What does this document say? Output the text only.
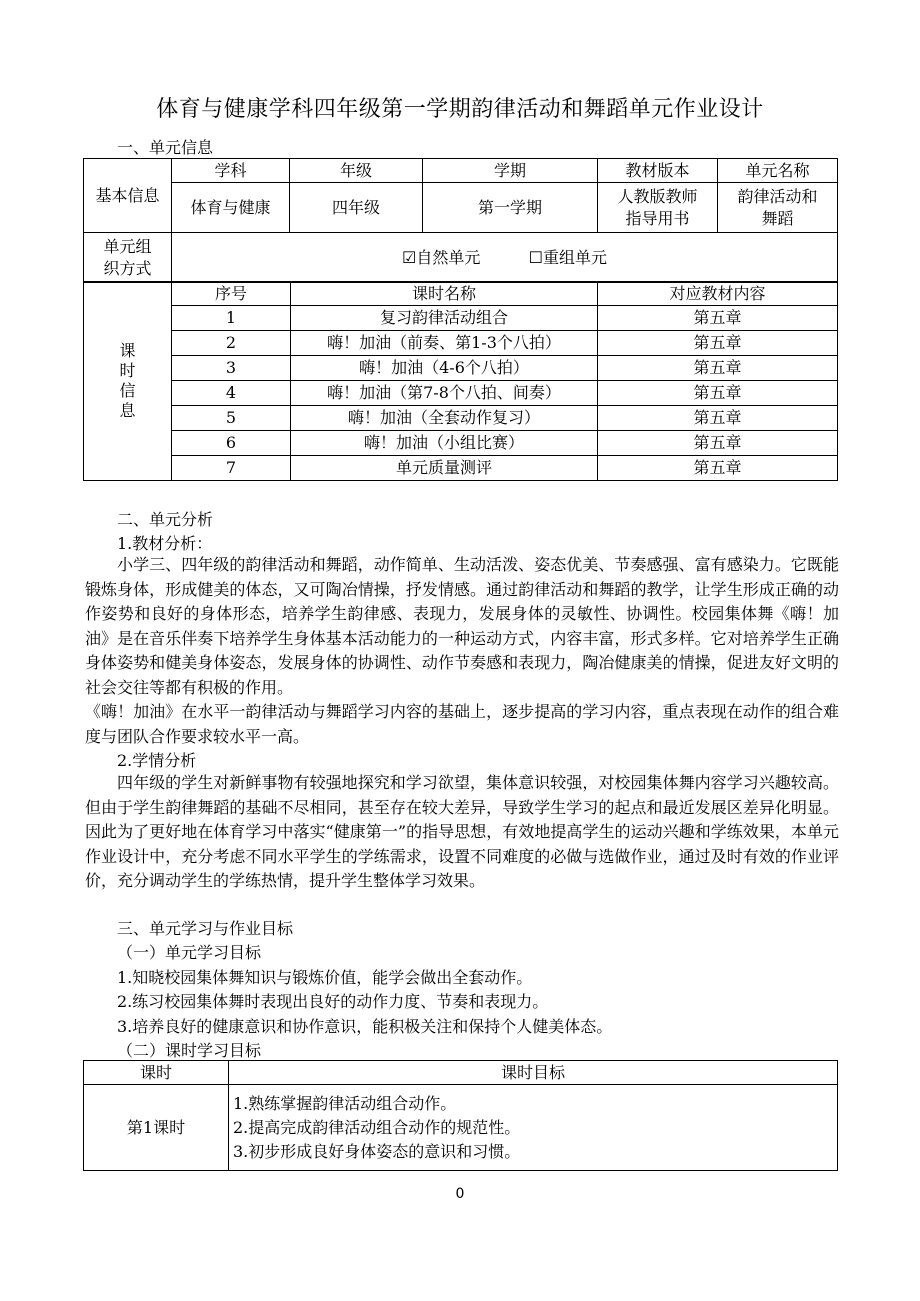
体育与健康学科四年级第一学期韵律活动和舞蹈单元作业设计
一、单元信息
基本信息	学科	年级	学期	教材版本	单元名称
	体育与健康	四年级	第一学期	人教版教师指导用书	韵律活动和舞蹈
单元组织方式	☑自然单元 ☐重组单元				
课时信息	序号	课时名称	对应教材内容
	1	复习韵律活动组合	第五章
	2	嗨！加油（前奏、第1-3个八拍）	第五章
	3	嗨！加油（4-6个八拍）	第五章
	4	嗨！加油（第7-8个八拍、间奏）	第五章
	5	嗨！加油（全套动作复习）	第五章
	6	嗨！加油（小组比赛）	第五章
	7	单元质量测评	第五章
二、单元分析
1.教材分析：

小学三、四年级的韵律活动和舞蹈，动作简单、生动活泼、姿态优美、节奏感强、富有感染力。它既能锻炼身体，形成健美的体态，又可陶冶情操，抒发情感。通过韵律活动和舞蹈的教学，让学生形成正确的动作姿势和良好的身体形态，培养学生韵律感、表现力，发展身体的灵敏性、协调性。校园集体舞《嗨！加油》是在音乐伴奏下培养学生身体基本活动能力的一种运动方式，内容丰富，形式多样。它对培养学生正确身体姿势和健美身体姿态，发展身体的协调性、动作节奏感和表现力，陶冶健康美的情操，促进友好文明的社会交往等都有积极的作用。

《嗨！加油》在水平一韵律活动与舞蹈学习内容的基础上，逐步提高的学习内容，重点表现在动作的组合难度与团队合作要求较水平一高。

2.学情分析

四年级的学生对新鲜事物有较强地探究和学习欲望，集体意识较强，对校园集体舞内容学习兴趣较高。但由于学生韵律舞蹈的基础不尽相同，甚至存在较大差异，导致学生学习的起点和最近发展区差异化明显。因此为了更好地在体育学习中落实“健康第一”的指导思想，有效地提高学生的运动兴趣和学练效果，本单元作业设计中，充分考虑不同水平学生的学练需求，设置不同难度的必做与选做作业，通过及时有效的作业评价，充分调动学生的学练热情，提升学生整体学习效果。

三、单元学习与作业目标
（一）单元学习目标
1.知晓校园集体舞知识与锻炼价值，能学会做出全套动作。
2.练习校园集体舞时表现出良好的动作力度、节奏和表现力。
3.培养良好的健康意识和协作意识，能积极关注和保持个人健美体态。
（二）课时学习目标
课时	课时目标
第1课时	1.熟练掌握韵律活动组合动作。
2.提高完成韵律活动组合动作的规范性。
3.初步形成良好身体姿态的意识和习惯。
0
